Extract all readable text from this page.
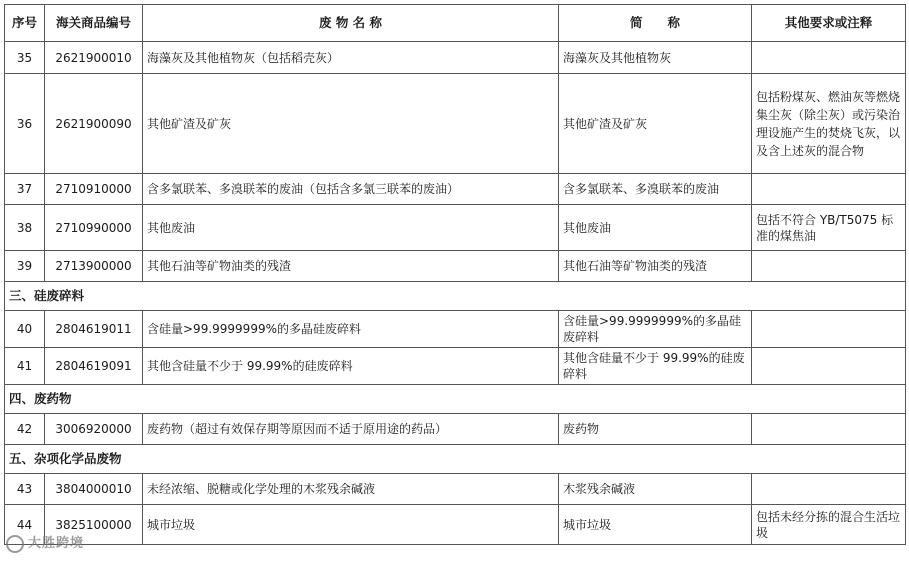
序号	海关商品编号	废 物 名 称	简　　称	其他要求或注释
35	2621900010	海藻灰及其他植物灰（包括稻壳灰）	海藻灰及其他植物灰	
36	2621900090	其他矿渣及矿灰	其他矿渣及矿灰	包括粉煤灰、燃油灰等燃烧集尘灰（除尘灰）或污染治理设施产生的焚烧飞灰，以及含上述灰的混合物
37	2710910000	含多氯联苯、多溴联苯的废油（包括含多氯三联苯的废油）	含多氯联苯、多溴联苯的废油	
38	2710990000	其他废油	其他废油	包括不符合 YB/T5075 标准的煤焦油
39	2713900000	其他石油等矿物油类的残渣	其他石油等矿物油类的残渣	
三、硅废碎料				
40	2804619011	含硅量>99.9999999%的多晶硅废碎料	含硅量>99.9999999%的多晶硅废碎料	
41	2804619091	其他含硅量不少于 99.99%的硅废碎料	其他含硅量不少于 99.99%的硅废碎料	
四、废药物				
42	3006920000	废药物（超过有效保存期等原因而不适于原用途的药品）	废药物	
五、杂项化学品废物				
43	3804000010	未经浓缩、脱糖或化学处理的木浆残余碱液	木浆残余碱液	
44	3825100000	城市垃圾	城市垃圾	包括未经分拣的混合生活垃圾
大胜跨境
